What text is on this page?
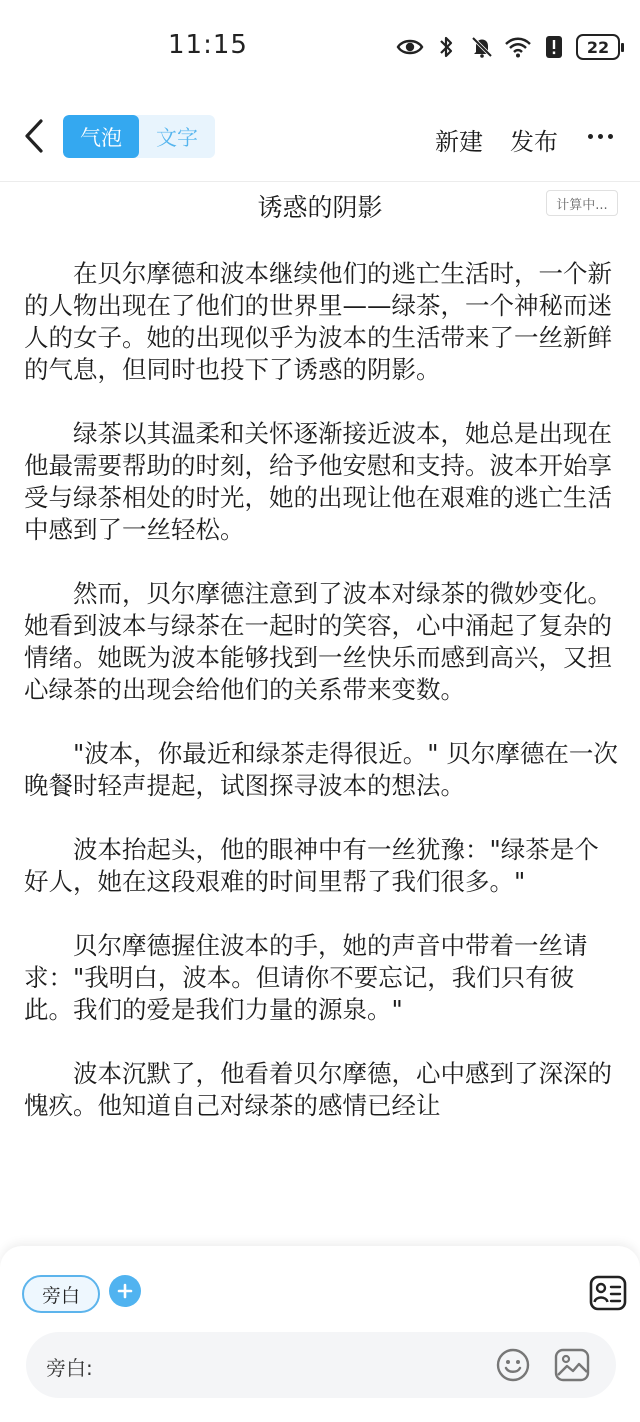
11:15	22
气泡	文字	新建 发布
诱惑的阴影	计算中...

在贝尔摩德和波本继续他们的逃亡生活时，一个新的人物出现在了他们的世界里——绿茶，一个神秘而迷人的女子。她的出现似乎为波本的生活带来了一丝新鲜的气息，但同时也投下了诱惑的阴影。

绿茶以其温柔和关怀逐渐接近波本，她总是出现在他最需要帮助的时刻，给予他安慰和支持。波本开始享受与绿茶相处的时光，她的出现让他在艰难的逃亡生活中感到了一丝轻松。

然而，贝尔摩德注意到了波本对绿茶的微妙变化。她看到波本与绿茶在一起时的笑容，心中涌起了复杂的情绪。她既为波本能够找到一丝快乐而感到高兴，又担心绿茶的出现会给他们的关系带来变数。

"波本，你最近和绿茶走得很近。" 贝尔摩德在一次晚餐时轻声提起，试图探寻波本的想法。

波本抬起头，他的眼神中有一丝犹豫："绿茶是个好人，她在这段艰难的时间里帮了我们很多。"

贝尔摩德握住波本的手，她的声音中带着一丝请求："我明白，波本。但请你不要忘记，我们只有彼此。我们的爱是我们力量的源泉。"

波本沉默了，他看着贝尔摩德，心中感到了深深的愧疚。他知道自己对绿茶的感情已经让

旁白
旁白:
